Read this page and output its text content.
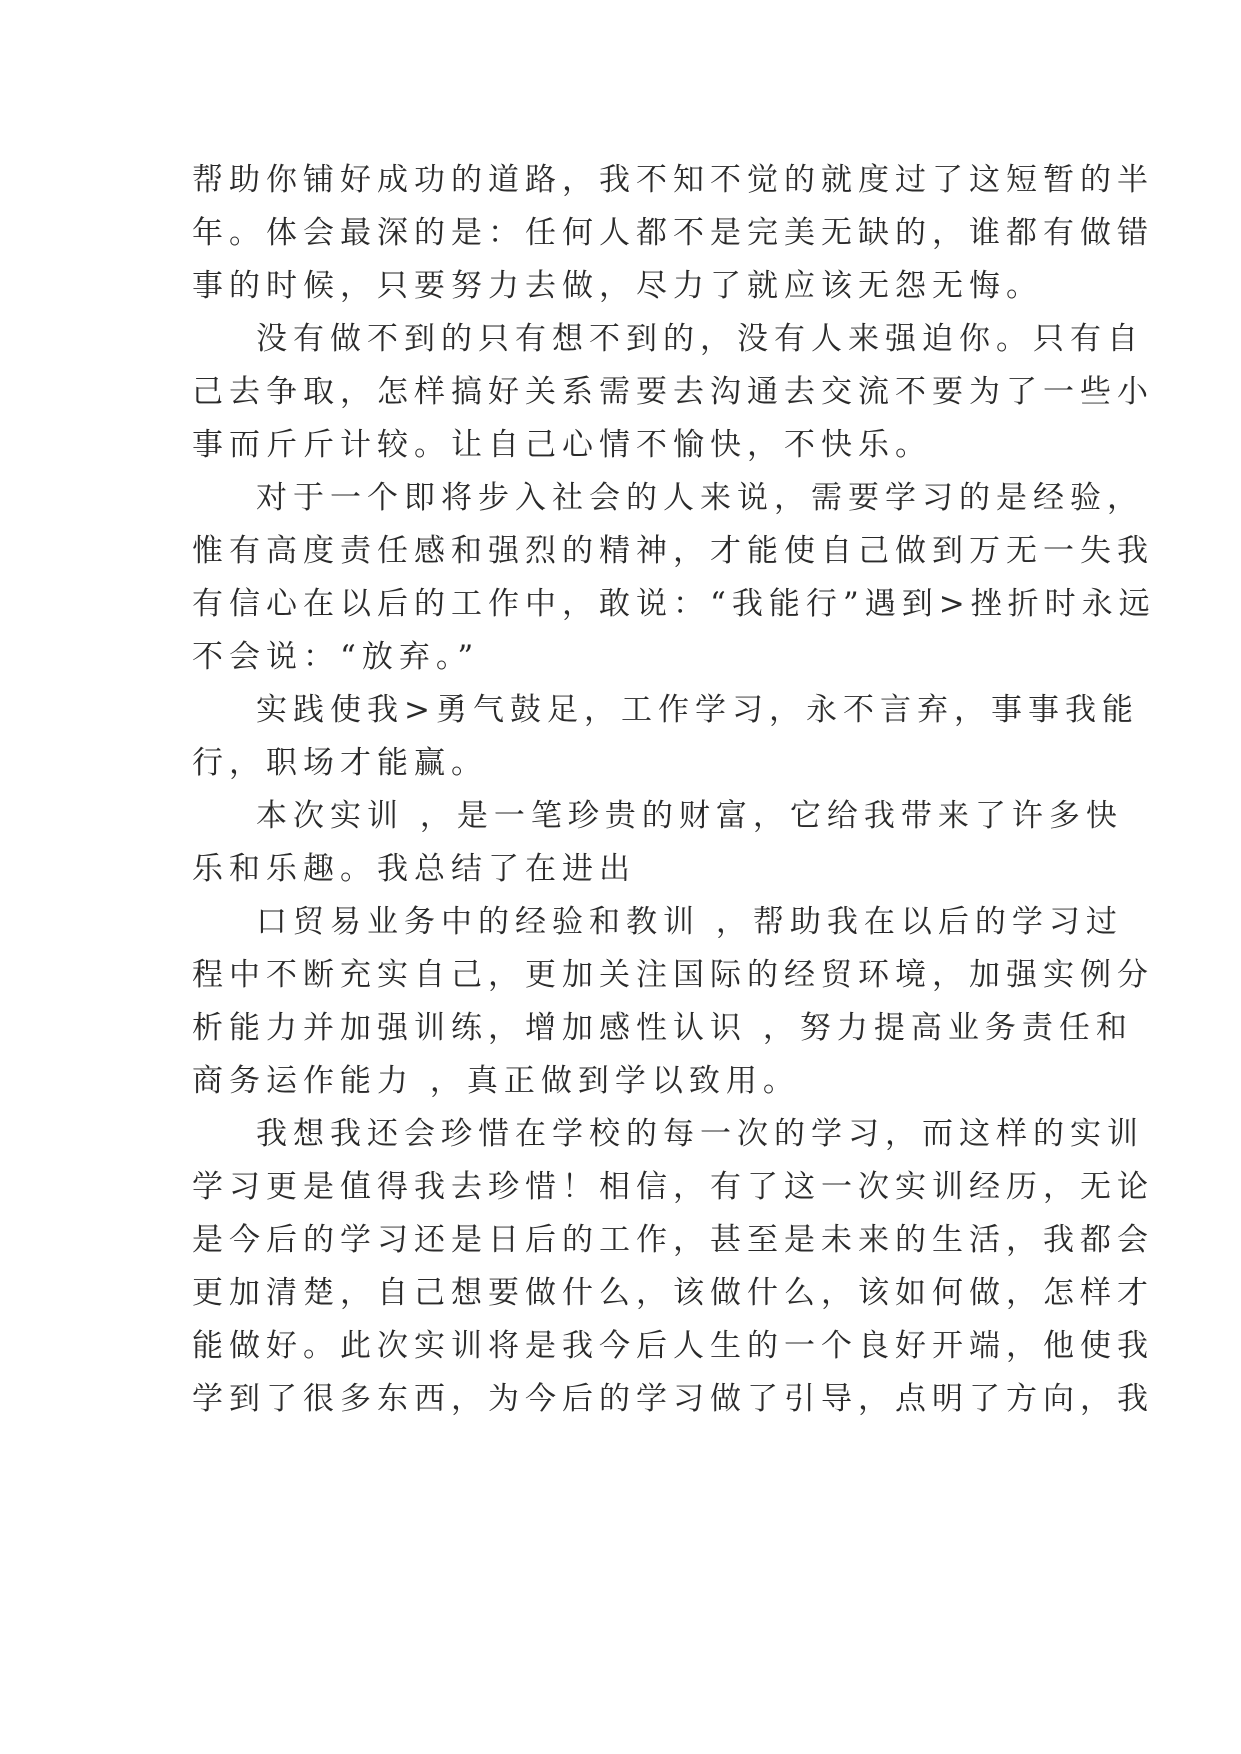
帮助你铺好成功的道路，我不知不觉的就度过了这短暂的半
年。体会最深的是：任何人都不是完美无缺的，谁都有做错
事的时候，只要努力去做，尽力了就应该无怨无悔。
没有做不到的只有想不到的，没有人来强迫你。只有自
己去争取，怎样搞好关系需要去沟通去交流不要为了一些小
事而斤斤计较。让自己心情不愉快，不快乐。
对于一个即将步入社会的人来说，需要学习的是经验，
惟有高度责任感和强烈的精神，才能使自己做到万无一失我
有信心在以后的工作中，敢说：“我能行”遇到>挫折时永远
不会说：“放弃。”
实践使我>勇气鼓足，工作学习，永不言弃，事事我能
行，职场才能赢。
本次实训 ，是一笔珍贵的财富，它给我带来了许多快
乐和乐趣。我总结了在进出
口贸易业务中的经验和教训 ，帮助我在以后的学习过
程中不断充实自己，更加关注国际的经贸环境，加强实例分
析能力并加强训练，增加感性认识 ，努力提高业务责任和
商务运作能力 ，真正做到学以致用。
我想我还会珍惜在学校的每一次的学习，而这样的实训
学习更是值得我去珍惜！相信，有了这一次实训经历，无论
是今后的学习还是日后的工作，甚至是未来的生活，我都会
更加清楚，自己想要做什么，该做什么，该如何做，怎样才
能做好。此次实训将是我今后人生的一个良好开端，他使我
学到了很多东西，为今后的学习做了引导，点明了方向，我
